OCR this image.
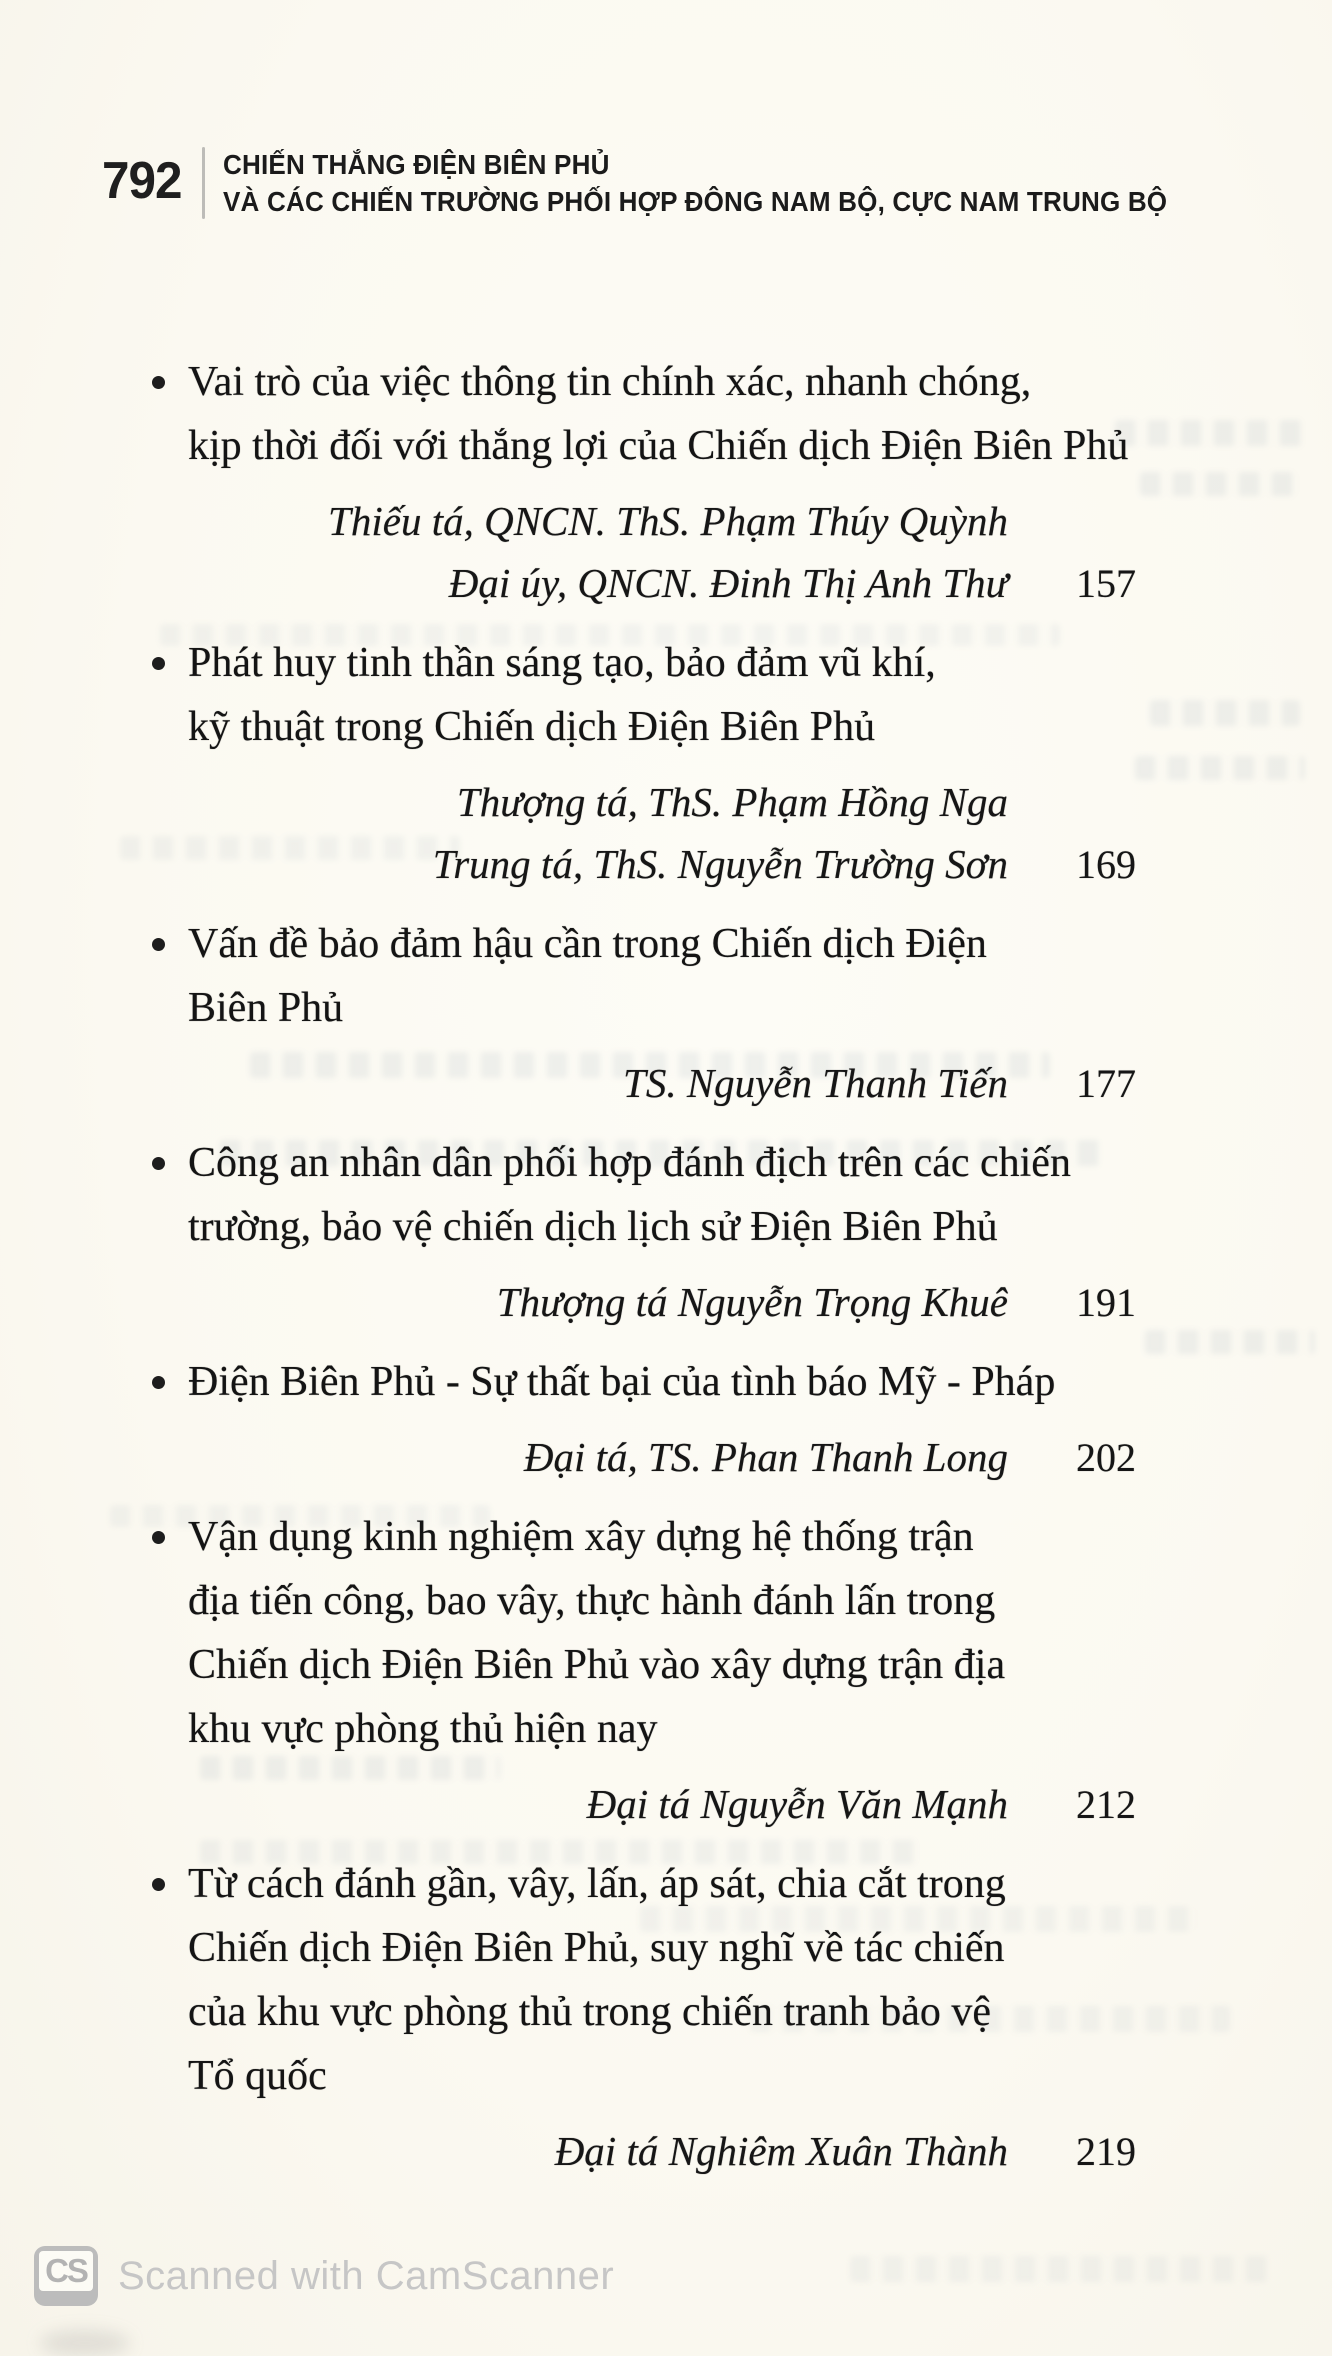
792 CHIẾN THẮNG ĐIỆN BIÊN PHỦ
VÀ CÁC CHIẾN TRƯỜNG PHỐI HỢP ĐÔNG NAM BỘ, CỰC NAM TRUNG BỘ
Vai trò của việc thông tin chính xác, nhanh chóng,
kịp thời đối với thắng lợi của Chiến dịch Điện Biên Phủ
Thiếu tá, QNCN. ThS. Phạm Thúy Quỳnh
Đại úy, QNCN. Đinh Thị Anh Thư	157
Phát huy tinh thần sáng tạo, bảo đảm vũ khí,
kỹ thuật trong Chiến dịch Điện Biên Phủ
Thượng tá, ThS. Phạm Hồng Nga
Trung tá, ThS. Nguyễn Trường Sơn	169
Vấn đề bảo đảm hậu cần trong Chiến dịch Điện
Biên Phủ
TS. Nguyễn Thanh Tiến	177
Công an nhân dân phối hợp đánh địch trên các chiến
trường, bảo vệ chiến dịch lịch sử Điện Biên Phủ
Thượng tá Nguyễn Trọng Khuê	191
Điện Biên Phủ - Sự thất bại của tình báo Mỹ - Pháp
Đại tá, TS. Phan Thanh Long	202
Vận dụng kinh nghiệm xây dựng hệ thống trận
địa tiến công, bao vây, thực hành đánh lấn trong
Chiến dịch Điện Biên Phủ vào xây dựng trận địa
khu vực phòng thủ hiện nay
Đại tá Nguyễn Văn Mạnh	212
Từ cách đánh gần, vây, lấn, áp sát, chia cắt trong
Chiến dịch Điện Biên Phủ, suy nghĩ về tác chiến
của khu vực phòng thủ trong chiến tranh bảo vệ
Tổ quốc
Đại tá Nghiêm Xuân Thành	219
CS Scanned with CamScanner
